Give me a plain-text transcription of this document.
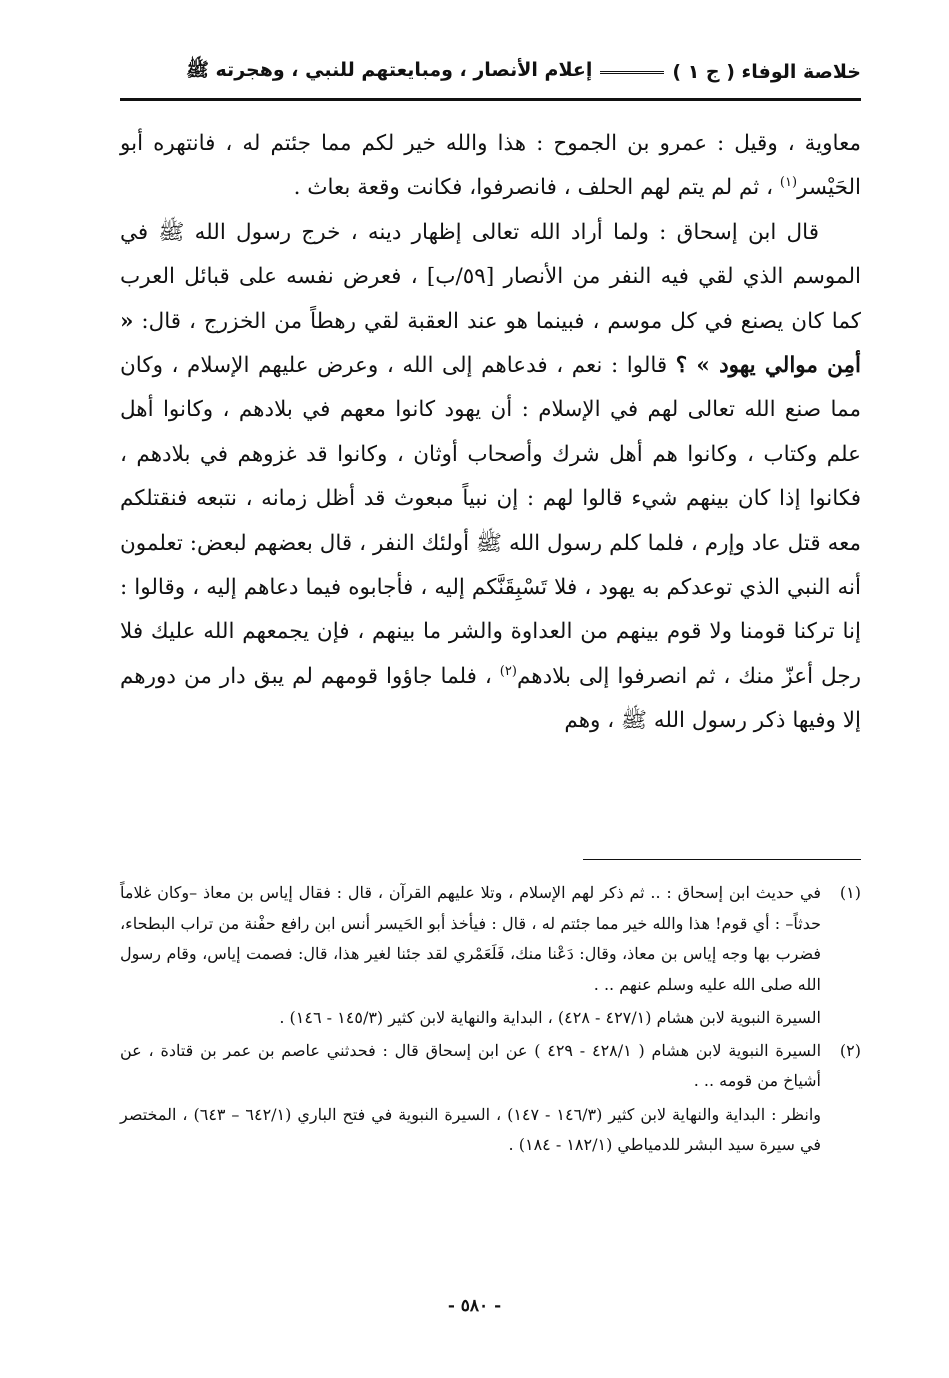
خلاصة الوفاء ( ج ١ )
إعلام الأنصار ، ومبايعتهم للنبي ، وهجرته ﷺ

معاوية ، وقيل : عمرو بن الجموح : هذا والله خير لكم مما جئتم له ، فانتهره أبو الحَيْسر$^{(١)}$ ، ثم لم يتم لهم الحلف ، فانصرفوا، فكانت وقعة بعاث .

قال ابن إسحاق : ولما أراد الله تعالى إظهار دينه ، خرج رسول الله ﷺ في الموسم الذي لقي فيه النفر من الأنصار [٥٩/ب] ، فعرض نفسه على قبائل العرب كما كان يصنع في كل موسم ، فبينما هو عند العقبة لقي رهطاً من الخزرج ، قال: « أمِن موالي يهود » ؟ قالوا : نعم ، فدعاهم إلى الله ، وعرض عليهم الإسلام ، وكان مما صنع الله تعالى لهم في الإسلام : أن يهود كانوا معهم في بلادهم ، وكانوا أهل علم وكتاب ، وكانوا هم أهل شرك وأصحاب أوثان ، وكانوا قد غزوهم في بلادهم ، فكانوا إذا كان بينهم شيء قالوا لهم : إن نبياً مبعوث قد أظل زمانه ، نتبعه فنقتلكم معه قتل عاد وإرم ، فلما كلم رسول الله ﷺ أولئك النفر ، قال بعضهم لبعض: تعلمون أنه النبي الذي توعدكم به يهود ، فلا تَسْبِقَنَّكم إليه ، فأجابوه فيما دعاهم إليه ، وقالوا : إنا تركنا قومنا ولا قوم بينهم من العداوة والشر ما بينهم ، فإن يجمعهم الله عليك فلا رجل أعزّ منك ، ثم انصرفوا إلى بلادهم$^{(٢)}$ ، فلما جاؤوا قومهم لم يبق دار من دورهم إلا وفيها ذكر رسول الله ﷺ ، وهم

(١)

في حديث ابن إسحاق : .. ثم ذكر لهم الإسلام ، وتلا عليهم القرآن ، قال : فقال إياس بن معاذ –وكان غلاماً حدثاً– : أي قوم! هذا والله خير مما جئتم له ، قال : فيأخذ أبو الحَيسر أنس ابن رافع حفْنة من تراب البطحاء، فضرب بها وجه إياس بن معاذ، وقال: دَعْنا منك، فَلَعَمْري لقد جئنا لغير هذا، قال: فصمت إياس، وقام رسول الله صلى الله عليه وسلم عنهم .. .

السيرة النبوية لابن هشام (٤٢٧/١ - ٤٢٨) ، البداية والنهاية لابن كثير (١٤٥/٣ - ١٤٦) .

(٢)

السيرة النبوية لابن هشام ( ٤٢٨/١ - ٤٢٩ ) عن ابن إسحاق قال : فحدثني عاصم بن عمر بن قتادة ، عن أشياخ من قومه .. .

وانظر : البداية والنهاية لابن كثير (١٤٦/٣ - ١٤٧) ، السيرة النبوية في فتح الباري (٦٤٢/١ – ٦٤٣) ، المختصر في سيرة سيد البشر للدمياطي (١٨٢/١ - ١٨٤) .

- ٥٨٠ -
